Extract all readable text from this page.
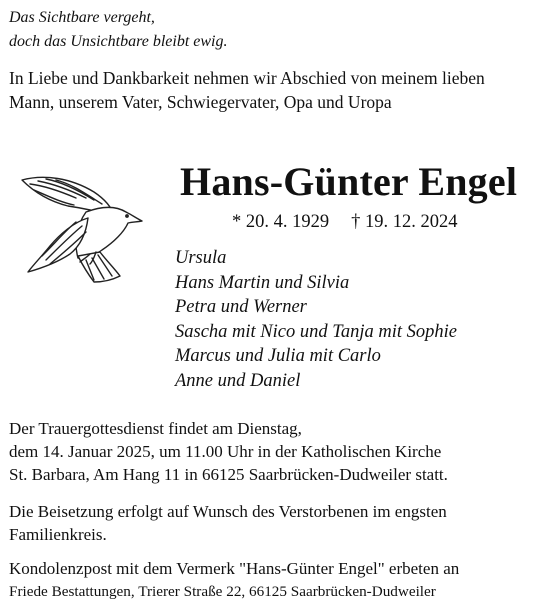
Das Sichtbare vergeht,
doch das Unsichtbare bleibt ewig.
In Liebe und Dankbarkeit nehmen wir Abschied von meinem lieben
Mann, unserem Vater, Schwiegervater, Opa und Uropa
Hans-Günter Engel
* 20. 4. 1929 † 19. 12. 2024
Ursula
Hans Martin und Silvia
Petra und Werner
Sascha mit Nico und Tanja mit Sophie
Marcus und Julia mit Carlo
Anne und Daniel
Der Trauergottesdienst findet am Dienstag,
dem 14. Januar 2025, um 11.00 Uhr in der Katholischen Kirche
St. Barbara, Am Hang 11 in 66125 Saarbrücken-Dudweiler statt.
Die Beisetzung erfolgt auf Wunsch des Verstorbenen im engsten
Familienkreis.
Kondolenzpost mit dem Vermerk "Hans-Günter Engel" erbeten an
Friede Bestattungen, Trierer Straße 22, 66125 Saarbrücken-Dudweiler
